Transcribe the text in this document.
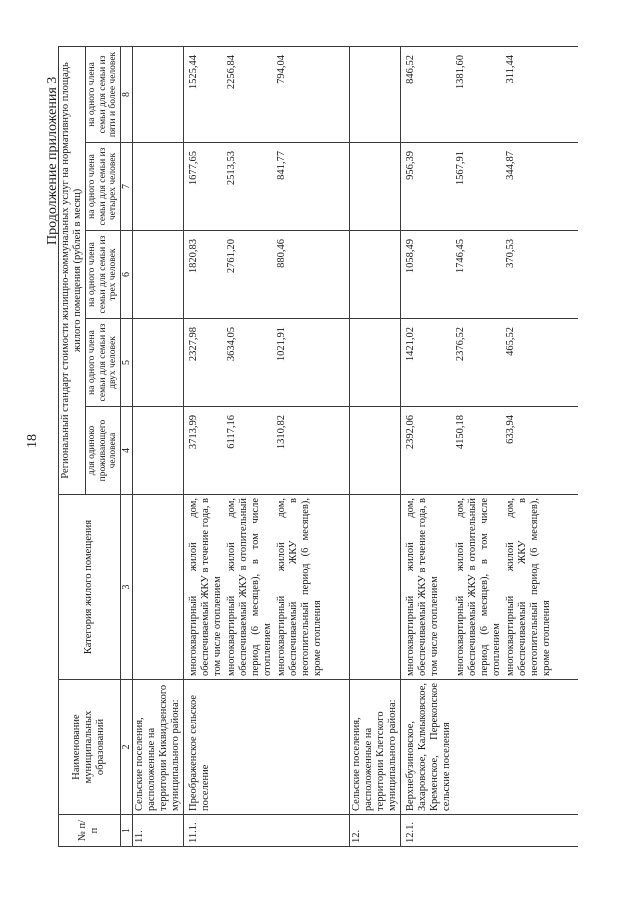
18
Продолжение приложения 3
№ п/п	Наименование муниципальных образований	Категория жилого помещения	Региональный стандарт стоимости жилищно-коммунальных услуг на нормативную площадь жилого помещения (рублей в месяц)				
			для одиноко проживающего человека	на одного члена семьи для семьи из двух человек	на одного члена семьи для семьи из трех человек	на одного члена семьи для семьи из четырех человек	на одного члена семьи для семьи из пяти и более человек
1	2	3	4	5	6	7	8
11.	Сельские поселения, расположенные на территории Киквидзенского муниципального района:						
11.1.	Преображенское сельское поселение	многоквартирный жилой дом, обеспечиваемый ЖКУ в течение года, в том числе отоплением	3713,99	2327,98	1820,83	1677,65	1525,44
		многоквартирный жилой дом, обеспечиваемый ЖКУ в отопительный период (6 месяцев), в том числе отоплением	6117,16	3634,05	2761,20	2513,53	2256,84
		многоквартирный жилой дом, обеспечиваемый ЖКУ в неотопительный период (6 месяцев), кроме отопления	1310,82	1021,91	880,46	841,77	794,04

12.	Сельские поселения, расположенные на территории Клетского муниципального района:						
12.1.	Верхнебузиновское, Захаровское, Калмыковское, Кременское, Перекопское сельские поселения	многоквартирный жилой дом, обеспечиваемый ЖКУ в течение года, в том числе отоплением	2392,06	1421,02	1058,49	956,39	846,52
		многоквартирный жилой дом, обеспечиваемый ЖКУ в отопительный период (6 месяцев), в том числе отоплением	4150,18	2376,52	1746,45	1567,91	1381,60
		многоквартирный жилой дом, обеспечиваемый ЖКУ в неотопительный период (6 месяцев), кроме отопления	633,94	465,52	370,53	344,87	311,44
